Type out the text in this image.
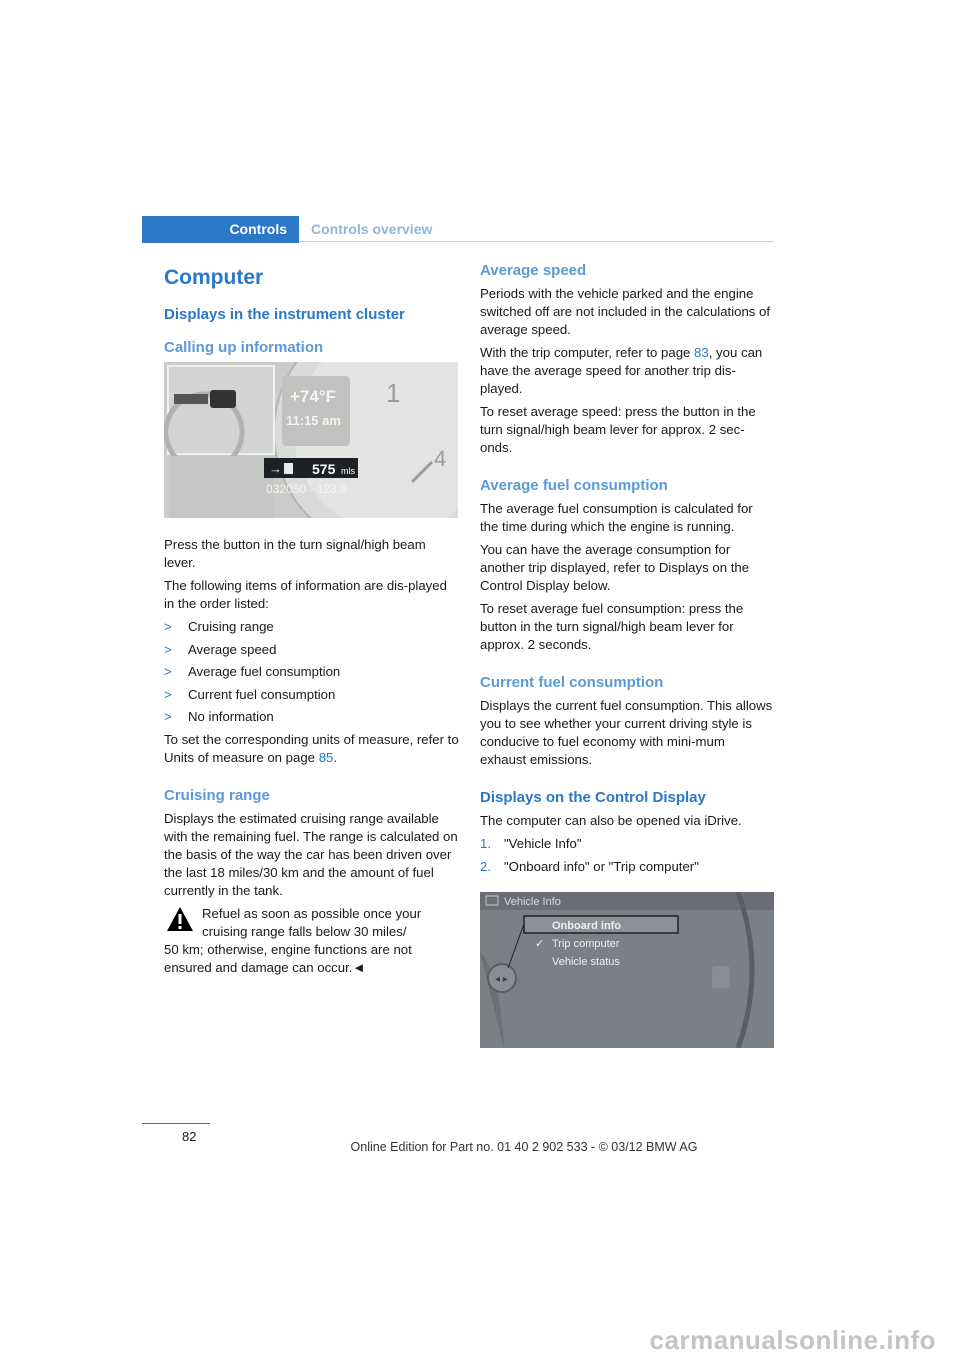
Controls	Controls overview
Computer
Displays in the instrument cluster
Calling up information
1
4
→ 575 mls
032050 - 123.8
+74°F
11:15 am

Press the button in the turn signal/high beam lever.

The following items of information are dis-played in the order listed:

> Cruising range
> Average speed
> Average fuel consumption
> Current fuel consumption
> No information

To set the corresponding units of measure, refer to Units of measure on page 85.

Cruising range

Displays the estimated cruising range available with the remaining fuel. The range is calculated on the basis of the way the car has been driven over the last 18 miles/30 km and the amount of fuel currently in the tank.

Refuel as soon as possible once your cruising range falls below 30 miles/
50 km; otherwise, engine functions are not ensured and damage can occur.◄
Average speed

Periods with the vehicle parked and the engine switched off are not included in the calculations of average speed.

With the trip computer, refer to page 83, you can have the average speed for another trip dis-played.

To reset average speed: press the button in the turn signal/high beam lever for approx. 2 sec-onds.

Average fuel consumption

The average fuel consumption is calculated for the time during which the engine is running.

You can have the average consumption for another trip displayed, refer to Displays on the Control Display below.

To reset average fuel consumption: press the button in the turn signal/high beam lever for approx. 2 seconds.

Current fuel consumption

Displays the current fuel consumption. This allows you to see whether your current driving style is conducive to fuel economy with mini-mum exhaust emissions.

Displays on the Control Display

The computer can also be opened via iDrive.

1. "Vehicle Info"
2. "Onboard info" or "Trip computer"
Vehicle Info
◂ ▸
Onboard info
✓ Trip computer
Vehicle status
82
Online Edition for Part no. 01 40 2 902 533 - © 03/12 BMW AG
carmanualsonline.info
